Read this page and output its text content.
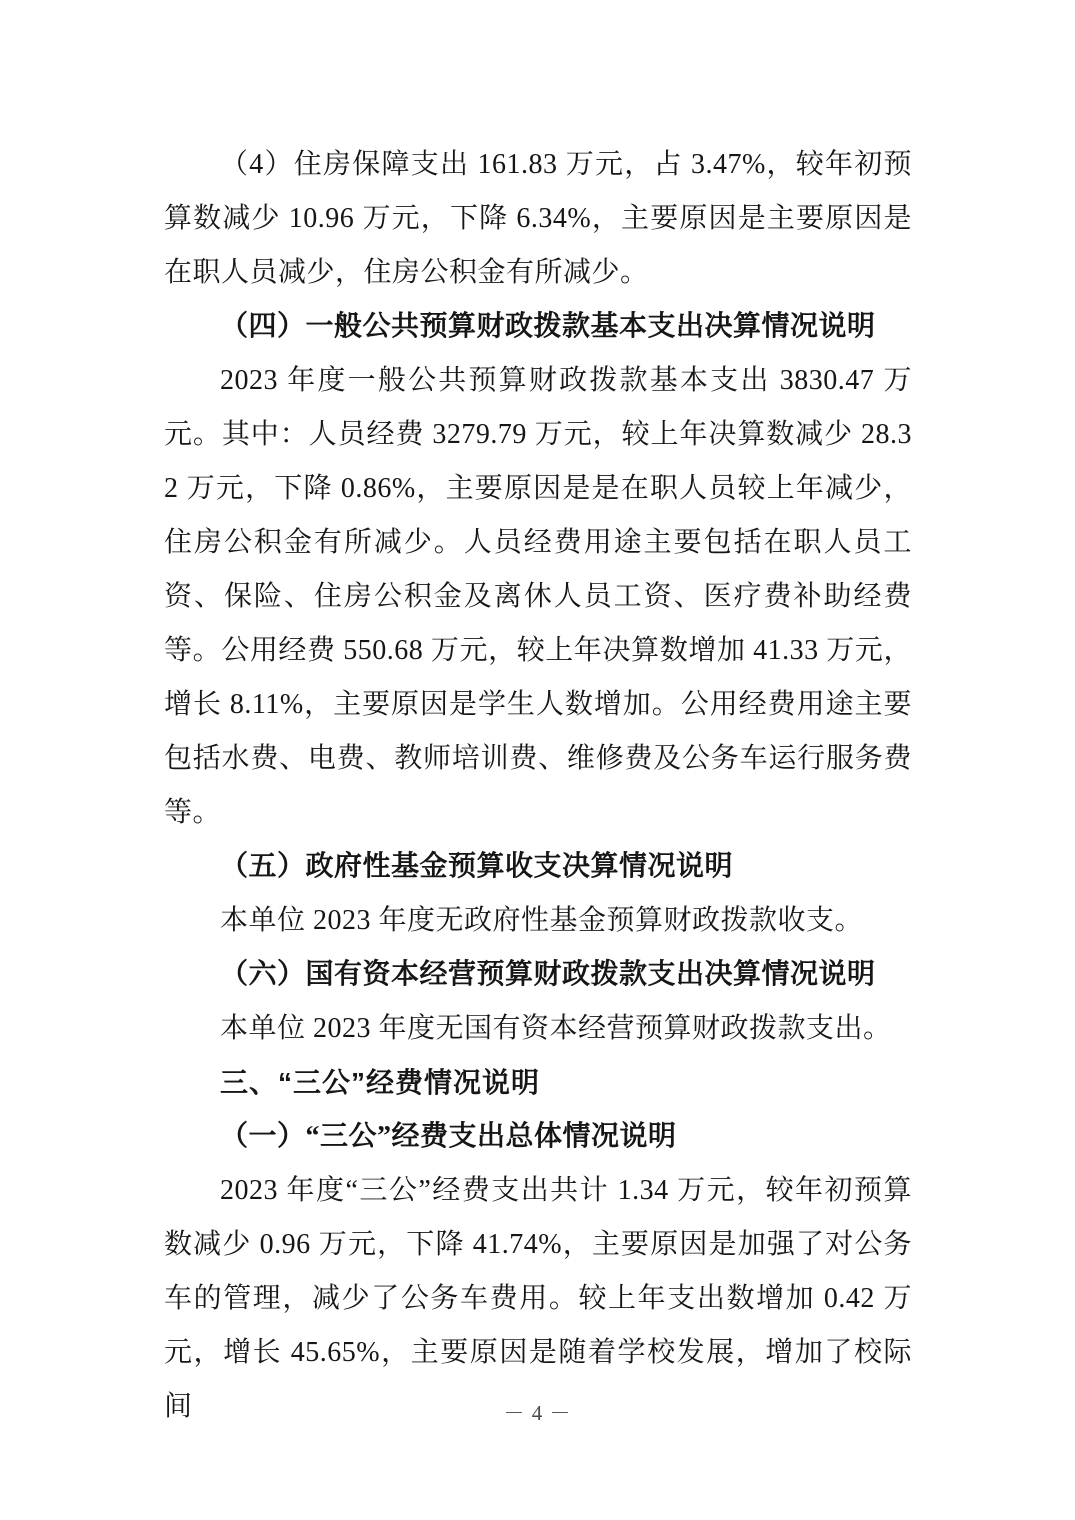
（4）住房保障支出 161.83 万元，占 3.47%，较年初预算数减少 10.96 万元，下降 6.34%，主要原因是主要原因是在职人员减少，住房公积金有所减少。

（四）一般公共预算财政拨款基本支出决算情况说明

2023 年度一般公共预算财政拨款基本支出 3830.47 万元。其中：人员经费 3279.79 万元，较上年决算数减少 28.32 万元，下降 0.86%，主要原因是是在职人员较上年减少，住房公积金有所减少。人员经费用途主要包括在职人员工资、保险、住房公积金及离休人员工资、医疗费补助经费等。公用经费 550.68 万元，较上年决算数增加 41.33 万元，增长 8.11%，主要原因是学生人数增加。公用经费用途主要包括水费、电费、教师培训费、维修费及公务车运行服务费等。

（五）政府性基金预算收支决算情况说明

本单位 2023 年度无政府性基金预算财政拨款收支。

（六）国有资本经营预算财政拨款支出决算情况说明

本单位 2023 年度无国有资本经营预算财政拨款支出。

三、“三公”经费情况说明

（一）“三公”经费支出总体情况说明

2023 年度“三公”经费支出共计 1.34 万元，较年初预算数减少 0.96 万元，下降 41.74%，主要原因是加强了对公务车的管理，减少了公务车费用。较上年支出数增加 0.42 万元，增长 45.65%，主要原因是随着学校发展，增加了校际间	－ 4 －
